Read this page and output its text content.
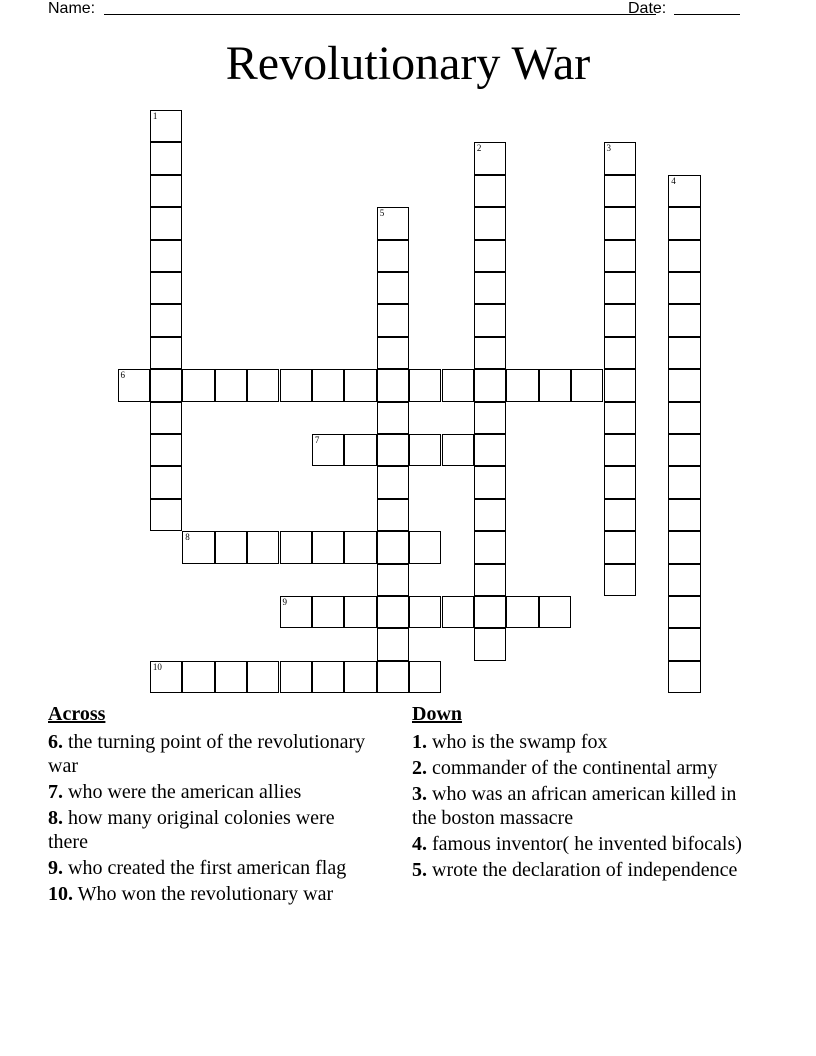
Name:	Date:
Revolutionary War
1
2	3
4
5
6
7
8
9
10
Across
6. the turning point of the revolutionary war
7. who were the american allies
8. how many original colonies were there
9. who created the first american flag
10. Who won the revolutionary war
Down
1. who is the swamp fox
2. commander of the continental army
3. who was an african american killed in the boston massacre
4. famous inventor( he invented bifocals)
5. wrote the declaration of independence
